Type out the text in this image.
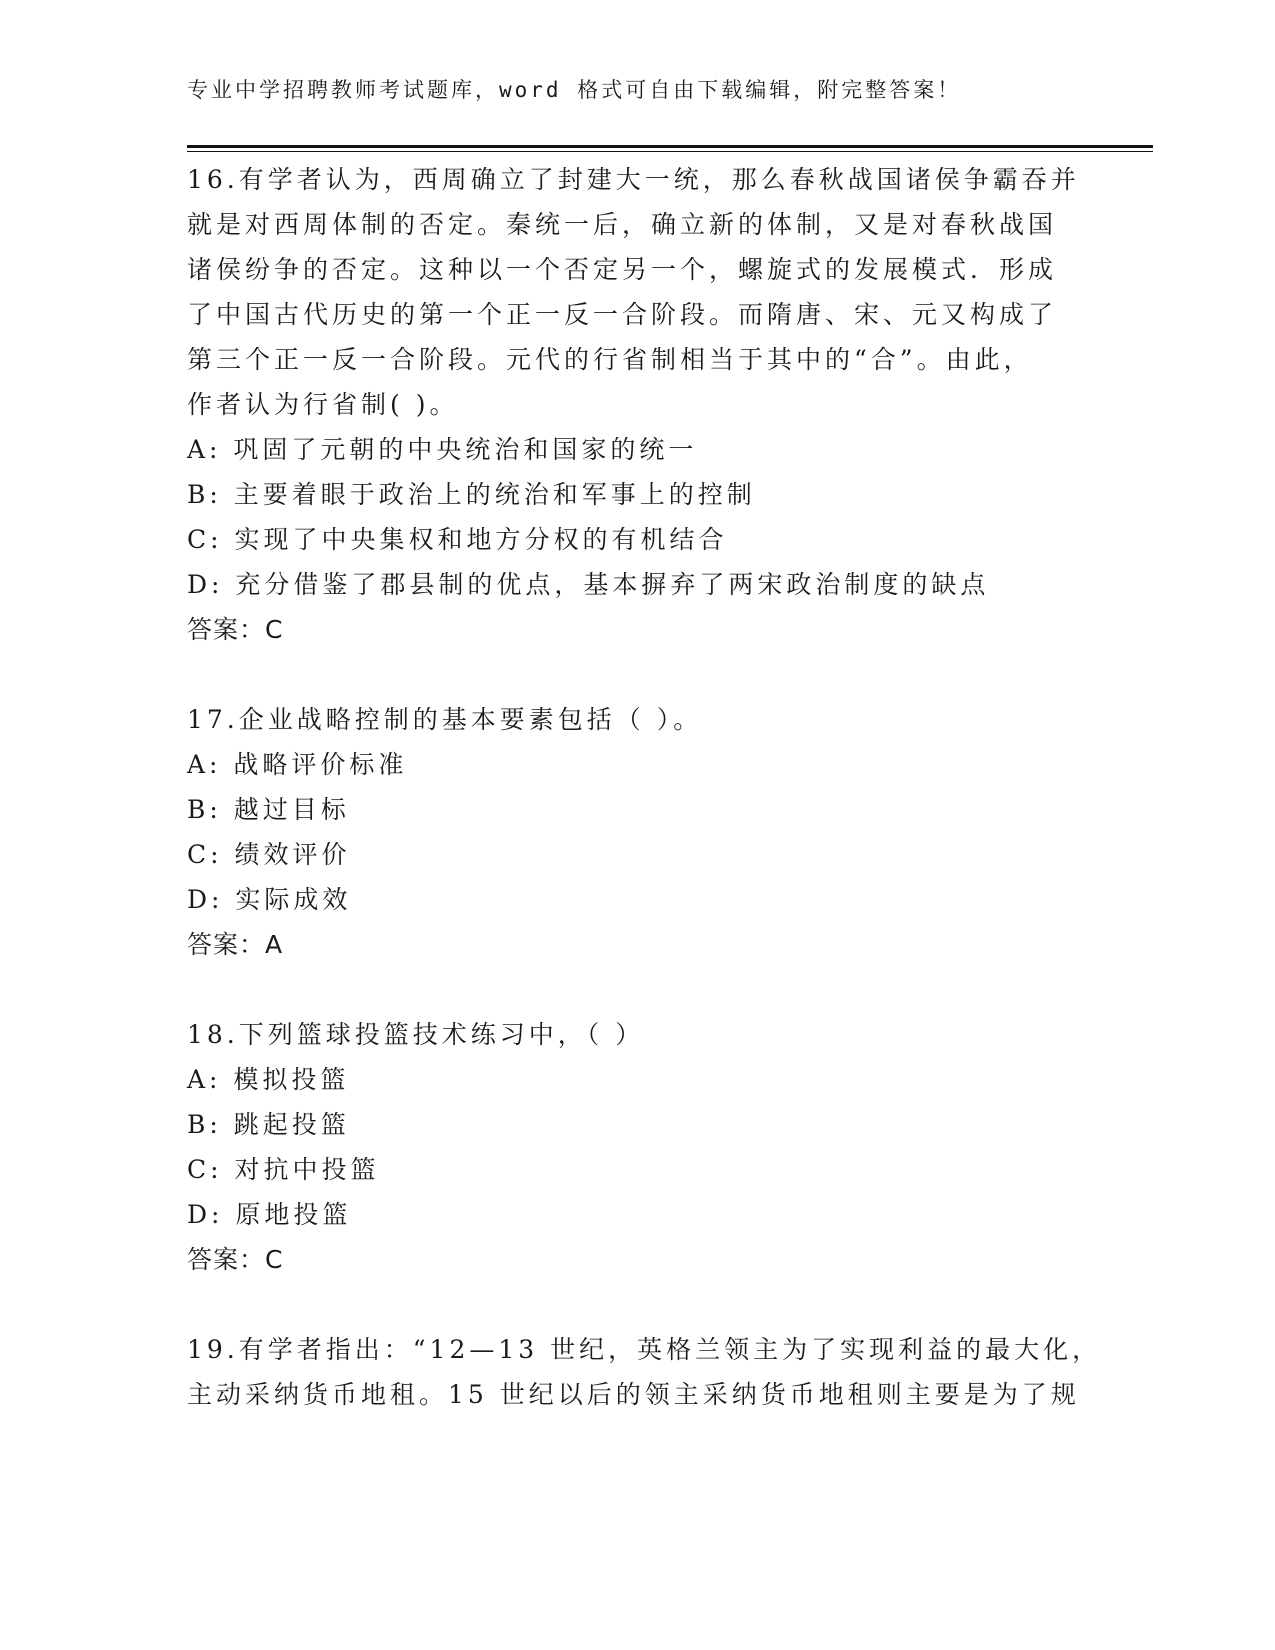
专业中学招聘教师考试题库，word 格式可自由下载编辑，附完整答案！
16.有学者认为，西周确立了封建大一统，那么春秋战国诸侯争霸吞并
就是对西周体制的否定。秦统一后，确立新的体制，又是对春秋战国
诸侯纷争的否定。这种以一个否定另一个，螺旋式的发展模式．形成
了中国古代历史的第一个正一反一合阶段。而隋唐、宋、元又构成了
第三个正一反一合阶段。元代的行省制相当于其中的“合”。由此，
作者认为行省制( )。
A: 巩固了元朝的中央统治和国家的统一
B: 主要着眼于政治上的统治和军事上的控制
C: 实现了中央集权和地方分权的有机结合
D: 充分借鉴了郡县制的优点，基本摒弃了两宋政治制度的缺点
答案：C
17.企业战略控制的基本要素包括（ ）。
A: 战略评价标准
B: 越过目标
C: 绩效评价
D: 实际成效
答案：A
18.下列篮球投篮技术练习中，（ ）
A: 模拟投篮
B: 跳起投篮
C: 对抗中投篮
D: 原地投篮
答案：C
19.有学者指出：“12—13 世纪，英格兰领主为了实现利益的最大化，
主动采纳货币地租。15 世纪以后的领主采纳货币地租则主要是为了规
